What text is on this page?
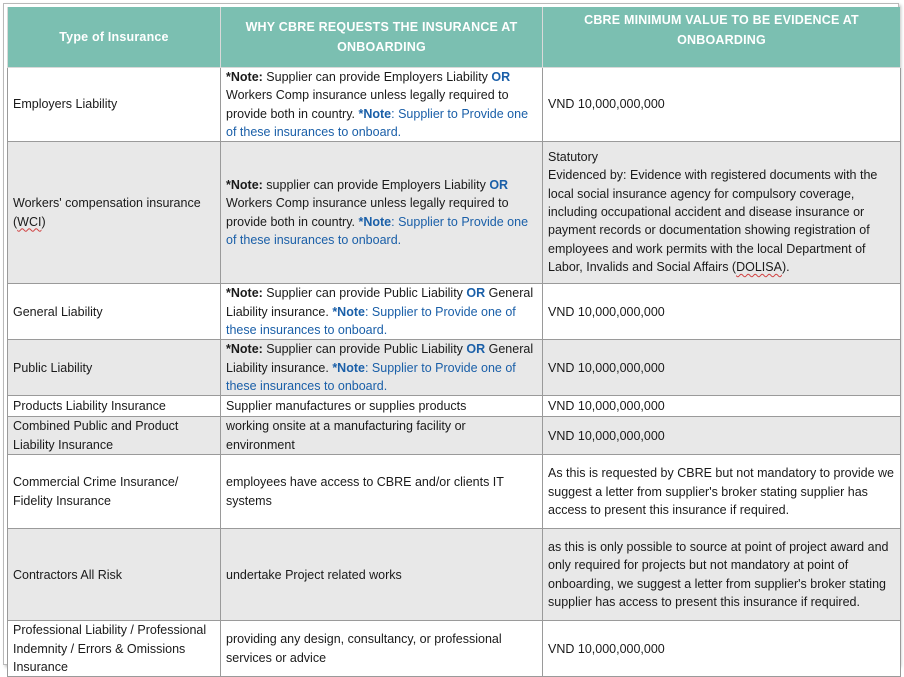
Type of Insurance	WHY CBRE REQUESTS THE INSURANCE AT ONBOARDING	CBRE MINIMUM VALUE TO BE EVIDENCE AT ONBOARDING
Employers Liability	*Note: Supplier can provide Employers Liability OR Workers Comp insurance unless legally required to provide both in country. *Note: Supplier to Provide one of these insurances to onboard.	VND 10,000,000,000
Workers' compensation insurance (WCI)	*Note: supplier can provide Employers Liability OR Workers Comp insurance unless legally required to provide both in country. *Note: Supplier to Provide one of these insurances to onboard.	Statutory
Evidenced by: Evidence with registered documents with the local social insurance agency for compulsory coverage, including occupational accident and disease insurance or payment records or documentation showing registration of employees and work permits with the local Department of Labor, Invalids and Social Affairs (DOLISA).
General Liability	*Note: Supplier can provide Public Liability OR General Liability insurance. *Note: Supplier to Provide one of these insurances to onboard.	VND 10,000,000,000
Public Liability	*Note: Supplier can provide Public Liability OR General Liability insurance. *Note: Supplier to Provide one of these insurances to onboard.	VND 10,000,000,000
Products Liability Insurance	Supplier manufactures or supplies products	VND 10,000,000,000
Combined Public and Product Liability Insurance	working onsite at a manufacturing facility or environment	VND 10,000,000,000
Commercial Crime Insurance/ Fidelity Insurance	employees have access to CBRE and/or clients IT systems	As this is requested by CBRE but not mandatory to provide we suggest a letter from supplier's broker stating supplier has access to present this insurance if required.
Contractors All Risk	undertake Project related works	as this is only possible to source at point of project award and only required for projects but not mandatory at point of onboarding, we suggest a letter from supplier's broker stating supplier has access to present this insurance if required.
Professional Liability / Professional Indemnity / Errors & Omissions Insurance	providing any design, consultancy, or professional services or advice	VND 10,000,000,000
